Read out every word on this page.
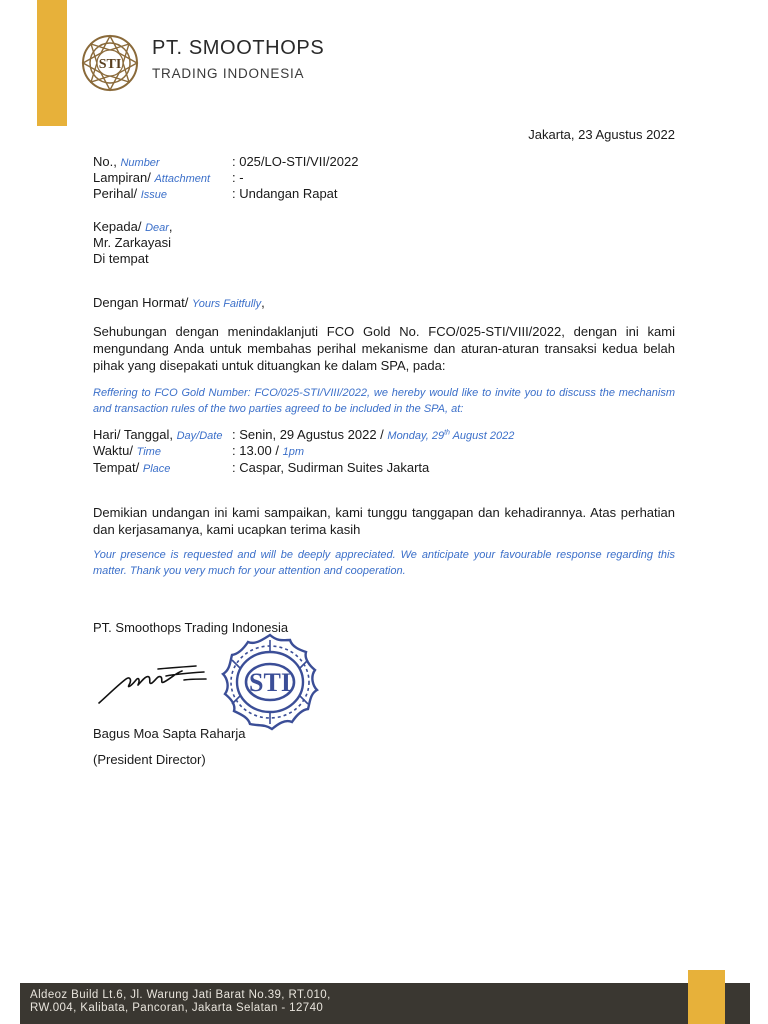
STI
PT. SMOOTHOPS
TRADING INDONESIA
Jakarta, 23 Agustus 2022
No., Number	: 025/LO-STI/VII/2022
Lampiran/ Attachment : -
Perihal/ Issue	: Undangan Rapat
Kepada/ Dear,
Mr. Zarkayasi
Di tempat
Dengan Hormat/ Yours Faitfully,
Sehubungan dengan menindaklanjuti FCO Gold No. FCO/025-STI/VIII/2022, dengan ini kami mengundang Anda untuk membahas perihal mekanisme dan aturan-aturan transaksi kedua belah pihak yang disepakati untuk dituangkan ke dalam SPA, pada:
Reffering to FCO Gold Number: FCO/025-STI/VIII/2022, we hereby would like to invite you to discuss the mechanism and transaction rules of the two parties agreed to be included in the SPA, at:
Hari/ Tanggal, Day/Date : Senin, 29 Agustus 2022 / Monday, 29th August 2022
Waktu/ Time	: 13.00 / 1pm
Tempat/ Place	: Caspar, Sudirman Suites Jakarta
Demikian undangan ini kami sampaikan, kami tunggu tanggapan dan kehadirannya. Atas perhatian dan kerjasamanya, kami ucapkan terima kasih
Your presence is requested and will be deeply appreciated. We anticipate your favourable response regarding this matter. Thank you very much for your attention and cooperation.
PT. Smoothops Trading Indonesia
STI
Bagus Moa Sapta Raharja
(President Director)
Aldeoz Build Lt.6, Jl. Warung Jati Barat No.39, RT.010,
RW.004, Kalibata, Pancoran, Jakarta Selatan - 12740
